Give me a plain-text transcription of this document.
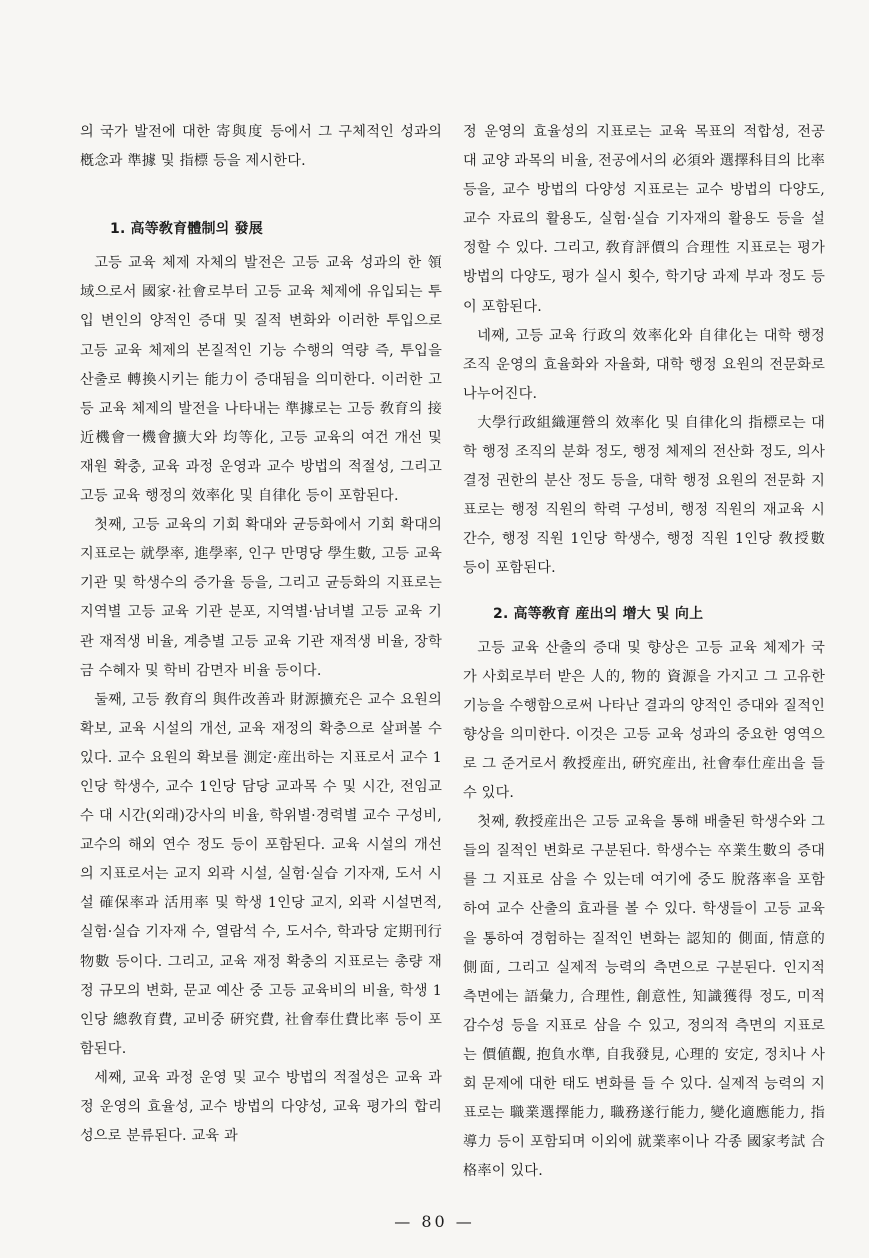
의 국가 발전에 대한 寄與度 등에서 그 구체적인 성과의 槪念과 準據 및 指標 등을 제시한다.

1. 高等敎育體制의 發展

고등 교육 체제 자체의 발전은 고등 교육 성과의 한 領域으로서 國家·社會로부터 고등 교육 체제에 유입되는 투입 변인의 양적인 증대 및 질적 변화와 이러한 투입으로 고등 교육 체제의 본질적인 기능 수행의 역량 즉, 투입을 산출로 轉換시키는 能力이 증대됨을 의미한다. 이러한 고등 교육 체제의 발전을 나타내는 準據로는 고등 敎育의 接近機會一機會擴大와 均等化, 고등 교육의 여건 개선 및 재원 확충, 교육 과정 운영과 교수 방법의 적절성, 그리고 고등 교육 행정의 效率化 및 自律化 등이 포함된다.

첫째, 고등 교육의 기회 확대와 균등화에서 기회 확대의 지표로는 就學率, 進學率, 인구 만명당 學生數, 고등 교육 기관 및 학생수의 증가율 등을, 그리고 균등화의 지표로는 지역별 고등 교육 기관 분포, 지역별·남녀별 고등 교육 기관 재적생 비율, 계층별 고등 교육 기관 재적생 비율, 장학금 수혜자 및 학비 감면자 비율 등이다.

둘째, 고등 敎育의 與件改善과 財源擴充은 교수 요원의 확보, 교육 시설의 개선, 교육 재정의 확충으로 살펴볼 수 있다. 교수 요원의 확보를 測定·産出하는 지표로서 교수 1인당 학생수, 교수 1인당 담당 교과목 수 및 시간, 전임교수 대 시간(외래)강사의 비율, 학위별·경력별 교수 구성비, 교수의 해외 연수 정도 등이 포함된다. 교육 시설의 개선의 지표로서는 교지 외곽 시설, 실험·실습 기자재, 도서 시설 確保率과 活用率 및 학생 1인당 교지, 외곽 시설면적, 실험·실습 기자재 수, 열람석 수, 도서수, 학과당 定期刊行物數 등이다. 그리고, 교육 재정 확충의 지표로는 총량 재정 규모의 변화, 문교 예산 중 고등 교육비의 비율, 학생 1인당 總敎育費, 교비중 硏究費, 社會奉仕費比率 등이 포함된다.

세째, 교육 과정 운영 및 교수 방법의 적절성은 교육 과정 운영의 효율성, 교수 방법의 다양성, 교육 평가의 합리성으로 분류된다. 교육 과

정 운영의 효율성의 지표로는 교육 목표의 적합성, 전공 대 교양 과목의 비율, 전공에서의 必須와 選擇科目의 比率 등을, 교수 방법의 다양성 지표로는 교수 방법의 다양도, 교수 자료의 활용도, 실험·실습 기자재의 활용도 등을 설정할 수 있다. 그리고, 敎育評價의 合理性 지표로는 평가 방법의 다양도, 평가 실시 횟수, 학기당 과제 부과 정도 등이 포함된다.

네째, 고등 교육 行政의 效率化와 自律化는 대학 행정 조직 운영의 효율화와 자율화, 대학 행정 요원의 전문화로 나누어진다.

大學行政組織運營의 效率化 및 自律化의 指標로는 대학 행정 조직의 분화 정도, 행정 체제의 전산화 정도, 의사 결정 권한의 분산 정도 등을, 대학 행정 요원의 전문화 지표로는 행정 직원의 학력 구성비, 행정 직원의 재교육 시간수, 행정 직원 1인당 학생수, 행정 직원 1인당 敎授數 등이 포함된다.

2. 高等敎育 産出의 增大 및 向上

고등 교육 산출의 증대 및 향상은 고등 교육 체제가 국가 사회로부터 받은 人的, 物的 資源을 가지고 그 고유한 기능을 수행함으로써 나타난 결과의 양적인 증대와 질적인 향상을 의미한다. 이것은 고등 교육 성과의 중요한 영역으로 그 준거로서 敎授産出, 硏究産出, 社會奉仕産出을 들 수 있다.

첫째, 敎授産出은 고등 교육을 통해 배출된 학생수와 그들의 질적인 변화로 구분된다. 학생수는 卒業生數의 증대를 그 지표로 삼을 수 있는데 여기에 중도 脫落率을 포함하여 교수 산출의 효과를 볼 수 있다. 학생들이 고등 교육을 통하여 경험하는 질적인 변화는 認知的 側面, 情意的 側面, 그리고 실제적 능력의 측면으로 구분된다. 인지적 측면에는 語彙力, 合理性, 創意性, 知識獲得 정도, 미적 감수성 등을 지표로 삼을 수 있고, 정의적 측면의 지표로는 價値觀, 抱負水準, 自我發見, 心理的 安定, 정치나 사회 문제에 대한 태도 변화를 들 수 있다. 실제적 능력의 지표로는 職業選擇能力, 職務遂行能力, 變化適應能力, 指導力 등이 포함되며 이외에 就業率이나 각종 國家考試 合格率이 있다.

— 80 —
